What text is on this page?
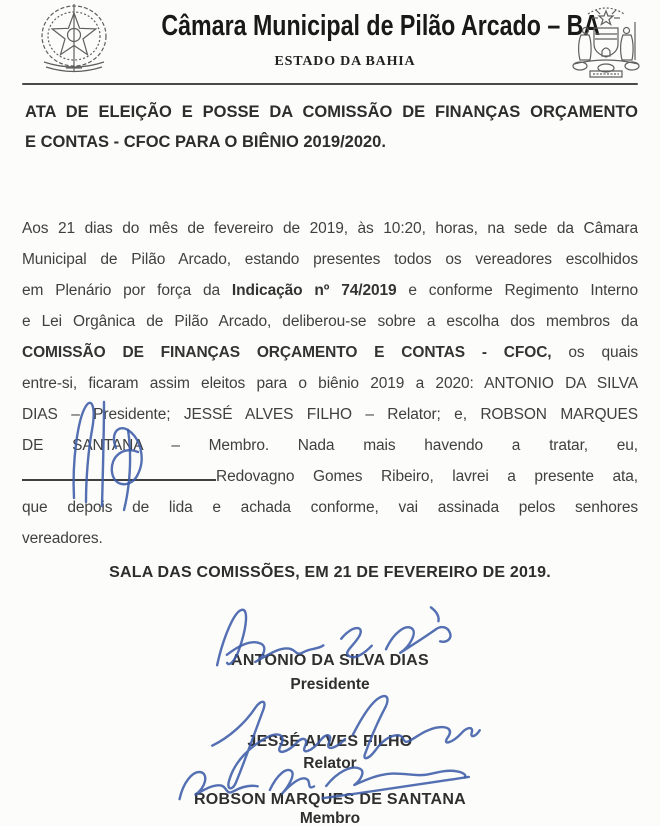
Câmara Municipal de Pilão Arcado – BA
ESTADO DA BAHIA
ATA DE ELEIÇÃO E POSSE DA COMISSÃO DE FINANÇAS ORÇAMENTO
E CONTAS - CFOC PARA O BIÊNIO 2019/2020.
Aos 21 dias do mês de fevereiro de 2019, às 10:20, horas, na sede da Câmara
Municipal de Pilão Arcado, estando presentes todos os vereadores escolhidos
em Plenário por força da Indicação nº 74/2019 e conforme Regimento Interno
e Lei Orgânica de Pilão Arcado, deliberou-se sobre a escolha dos membros da
COMISSÃO DE FINANÇAS ORÇAMENTO E CONTAS - CFOC, os quais
entre-si, ficaram assim eleitos para o biênio 2019 a 2020: ANTONIO DA SILVA
DIAS – Presidente; JESSÉ ALVES FILHO – Relator; e, ROBSON MARQUES
DE SANTANA – Membro. Nada mais havendo a tratar, eu,
Redovagno Gomes Ribeiro, lavrei a presente ata,
que depois de lida e achada conforme, vai assinada pelos senhores
vereadores.
SALA DAS COMISSÕES, EM 21 DE FEVEREIRO DE 2019.
ANTONIO DA SILVA DIAS
Presidente
JESSÉ ALVES FILHO
Relator
ROBSON MARQUES DE SANTANA
Membro
